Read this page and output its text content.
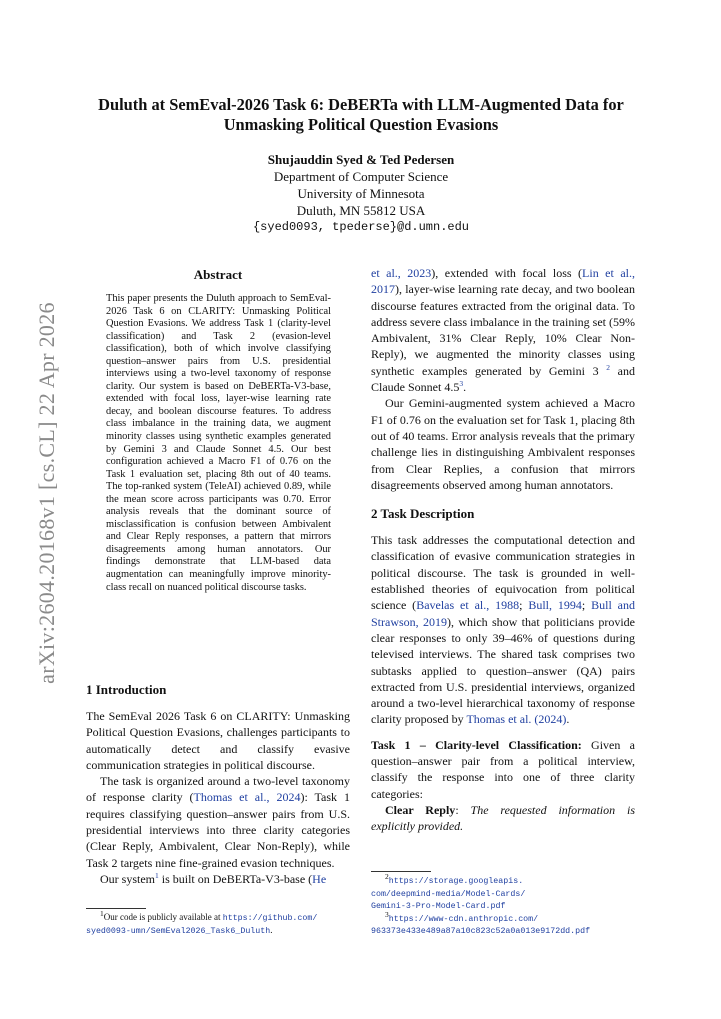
arXiv:2604.20168v1 [cs.CL] 22 Apr 2026
Duluth at SemEval-2026 Task 6: DeBERTa with LLM-Augmented Data for
Unmasking Political Question Evasions
Shujauddin Syed & Ted Pedersen
Department of Computer Science
University of Minnesota
Duluth, MN 55812 USA
{syed0093, tpederse}@d.umn.edu
Abstract
This paper presents the Duluth approach to SemEval-2026 Task 6 on CLARITY: Unmasking Political Question Evasions. We address Task 1 (clarity-level classification) and Task 2 (evasion-level classification), both of which involve classifying question–answer pairs from U.S. presidential interviews using a two-level taxonomy of response clarity. Our system is based on DeBERTa-V3-base, extended with focal loss, layer-wise learning rate decay, and boolean discourse features. To address class imbalance in the training data, we augment minority classes using synthetic examples generated by Gemini 3 and Claude Sonnet 4.5. Our best configuration achieved a Macro F1 of 0.76 on the Task 1 evaluation set, placing 8th out of 40 teams. The top-ranked system (TeleAI) achieved 0.89, while the mean score across participants was 0.70. Error analysis reveals that the dominant source of misclassification is confusion between Ambivalent and Clear Reply responses, a pattern that mirrors disagreements among human annotators. Our findings demonstrate that LLM-based data augmentation can meaningfully improve minority-class recall on nuanced political discourse tasks.
1 Introduction

The SemEval 2026 Task 6 on CLARITY: Unmasking Political Question Evasions, challenges participants to automatically detect and classify evasive communication strategies in political discourse.

The task is organized around a two-level taxonomy of response clarity (Thomas et al., 2024): Task 1 requires classifying question–answer pairs from U.S. presidential interviews into three clarity categories (Clear Reply, Ambivalent, Clear Non-Reply), while Task 2 targets nine fine-grained evasion techniques.

Our system$^1$ is built on DeBERTa-V3-base (He

$^1$Our code is publicly available at https://github.com/
syed0093-umn/SemEval2026_Task6_Duluth.

et al., 2023), extended with focal loss (Lin et al., 2017), layer-wise learning rate decay, and two boolean discourse features extracted from the original data. To address severe class imbalance in the training set (59% Ambivalent, 31% Clear Reply, 10% Clear Non-Reply), we augmented the minority classes using synthetic examples generated by Gemini 3 $^2$ and Claude Sonnet $4.5^3$.

Our Gemini-augmented system achieved a Macro F1 of 0.76 on the evaluation set for Task 1, placing 8th out of 40 teams. Error analysis reveals that the primary challenge lies in distinguishing Ambivalent responses from Clear Replies, a confusion that mirrors disagreements observed among human annotators.

2 Task Description

This task addresses the computational detection and classification of evasive communication strategies in political discourse. The task is grounded in well-established theories of equivocation from political science (Bavelas et al., 1988; Bull, 1994; Bull and Strawson, 2019), which show that politicians provide clear responses to only 39–46% of questions during televised interviews. The shared task comprises two subtasks applied to question–answer (QA) pairs extracted from U.S. presidential interviews, organized around a two-level hierarchical taxonomy of response clarity proposed by Thomas et al. (2024).

Task 1 – Clarity-level Classification: Given a question–answer pair from a political interview, classify the response into one of three clarity categories:

Clear Reply: The requested information is explicitly provided.

$^2$https://storage.googleapis.
com/deepmind-media/Model-Cards/
Gemini-3-Pro-Model-Card.pdf
$^3$https://www-cdn.anthropic.com/
963373e433e489a87a10c823c52a0a013e9172dd.pdf
